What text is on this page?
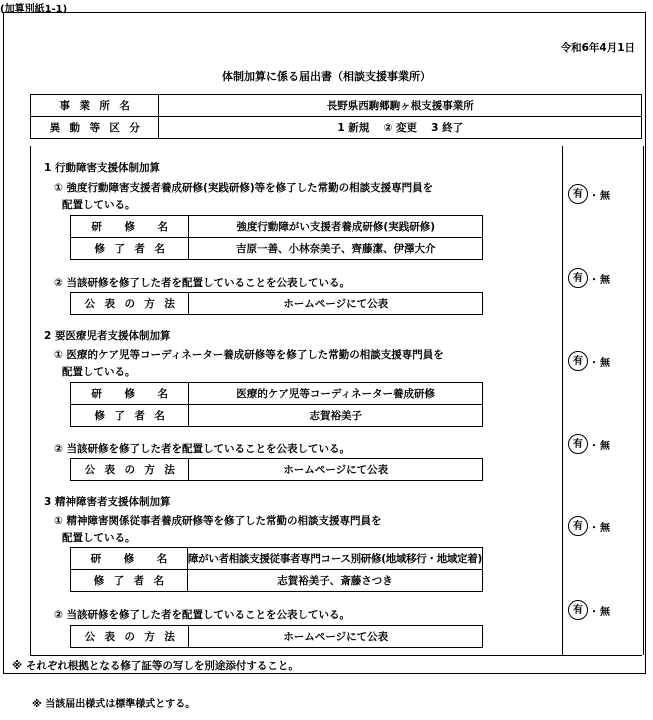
(加算別紙1-1)
令和6年4月1日
体制加算に係る届出書（相談支援事業所）
事業所名	長野県西駒郷駒ヶ根支援事業所
異動等区分	1 新規　 ② 変更　 3 終了
1 行動障害支援体制加算
① 強度行動障害支援者養成研修(実践研修)等を修了した常勤の相談支援専門員を
配置している。
有 ・ 無
研 修 名	強度行動障がい支援者養成研修(実践研修)
修了者名	吉原一善、小林奈美子、齊藤潔、伊澤大介
② 当該研修を修了した者を配置していることを公表している。	有 ・ 無
公表の方法	ホームページにて公表
2 要医療児者支援体制加算
① 医療的ケア児等コーディネーター養成研修等を修了した常勤の相談支援専門員を
配置している。
有 ・ 無
研 修 名	医療的ケア児等コーディネーター養成研修
修了者名	志賀裕美子
② 当該研修を修了した者を配置していることを公表している。	有 ・ 無
公表の方法	ホームページにて公表
3 精神障害者支援体制加算
① 精神障害関係従事者養成研修等を修了した常勤の相談支援専門員を
配置している。
有 ・ 無
研 修 名	障がい者相談支援従事者専門コース別研修(地域移行・地域定着)
修了者名	志賀裕美子、斎藤さつき
② 当該研修を修了した者を配置していることを公表している。	有 ・ 無
公表の方法	ホームページにて公表
※ それぞれ根拠となる修了証等の写しを別途添付すること。
※ 当該届出様式は標準様式とする。
